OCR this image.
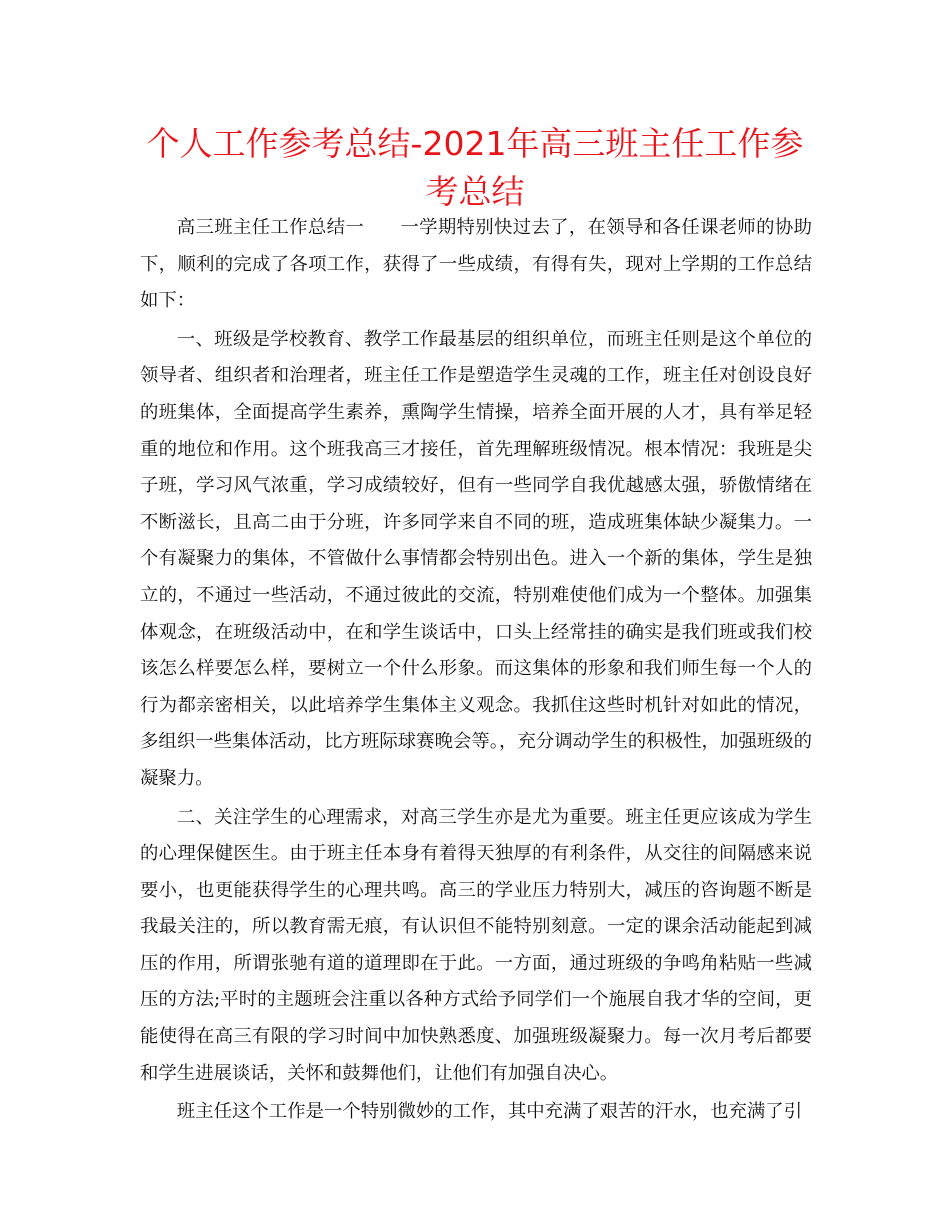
个人工作参考总结-2021年高三班主任工作参考总结

高三班主任工作总结一 一学期特别快过去了，在领导和各任课老师的协助下，顺利的完成了各项工作，获得了一些成绩，有得有失，现对上学期的工作总结如下：

一、班级是学校教育、教学工作最基层的组织单位，而班主任则是这个单位的领导者、组织者和治理者，班主任工作是塑造学生灵魂的工作，班主任对创设良好的班集体，全面提高学生素养，熏陶学生情操，培养全面开展的人才，具有举足轻重的地位和作用。这个班我高三才接任，首先理解班级情况。根本情况：我班是尖子班，学习风气浓重，学习成绩较好，但有一些同学自我优越感太强，骄傲情绪在不断滋长，且高二由于分班，许多同学来自不同的班，造成班集体缺少凝集力。一个有凝聚力的集体，不管做什么事情都会特别出色。进入一个新的集体，学生是独立的，不通过一些活动，不通过彼此的交流，特别难使他们成为一个整体。加强集体观念，在班级活动中，在和学生谈话中，口头上经常挂的确实是我们班或我们校该怎么样要怎么样，要树立一个什么形象。而这集体的形象和我们师生每一个人的行为都亲密相关，以此培养学生集体主义观念。我抓住这些时机针对如此的情况，多组织一些集体活动，比方班际球赛晚会等。，充分调动学生的积极性，加强班级的凝聚力。

二、关注学生的心理需求，对高三学生亦是尤为重要。班主任更应该成为学生的心理保健医生。由于班主任本身有着得天独厚的有利条件，从交往的间隔感来说要小，也更能获得学生的心理共鸣。高三的学业压力特别大，减压的咨询题不断是我最关注的，所以教育需无痕，有认识但不能特别刻意。一定的课余活动能起到减压的作用，所谓张驰有道的道理即在于此。一方面，通过班级的争鸣角粘贴一些减压的方法;平时的主题班会注重以各种方式给予同学们一个施展自我才华的空间，更能使得在高三有限的学习时间中加快熟悉度、加强班级凝聚力。每一次月考后都要和学生进展谈话，关怀和鼓舞他们，让他们有加强自决心。

班主任这个工作是一个特别微妙的工作，其中充满了艰苦的汗水，也充满了引
